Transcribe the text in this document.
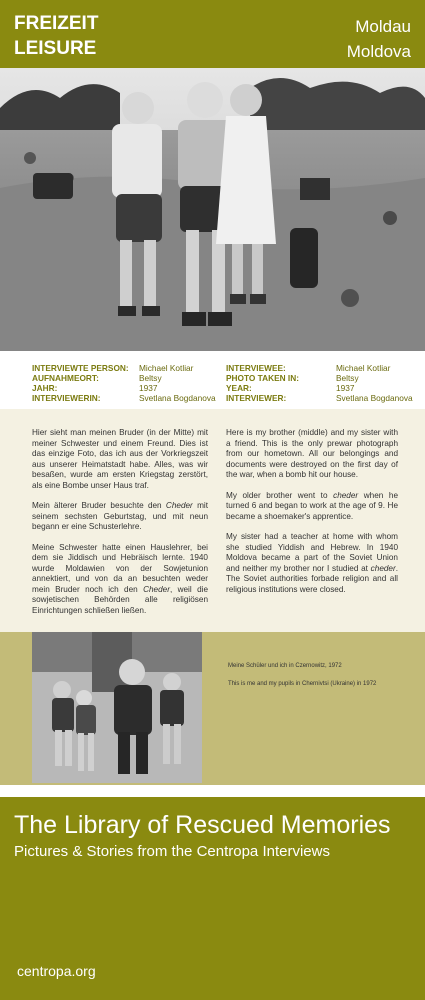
FREIZEIT
LEISURE
Moldau
Moldova
INTERVIEWTE PERSON: Michael Kotliar
AUFNAHMEORT:	Beltsy
JAHR:	1937
INTERVIEWERIN:	Svetlana Bogdanova
INTERVIEWEE:	Michael Kotliar
PHOTO TAKEN IN:	Beltsy
YEAR:	1937
INTERVIEWER:	Svetlana Bogdanova

Hier sieht man meinen Bruder (in der Mitte) mit meiner Schwester und einem Freund. Dies ist das einzige Foto, das ich aus der Vorkriegszeit aus unserer Heimatstadt habe. Alles, was wir besaßen, wurde am ersten Kriegstag zerstört, als eine Bombe unser Haus traf.

Mein älterer Bruder besuchte den Cheder mit seinem sechsten Geburtstag, und mit neun begann er eine Schusterlehre.

Meine Schwester hatte einen Hauslehrer, bei dem sie Jiddisch und Hebräisch lernte. 1940 wurde Moldawien von der Sowjetunion annektiert, und von da an besuchten weder mein Bruder noch ich den Cheder, weil die sowjetischen Behörden alle religiösen Einrichtungen schließen ließen.

Here is my brother (middle) and my sister with a friend. This is the only prewar photograph from our hometown. All our belongings and documents were destroyed on the first day of the war, when a bomb hit our house.

My older brother went to cheder when he turned 6 and began to work at the age of 9. He became a shoemaker's apprentice.

My sister had a teacher at home with whom she studied Yiddish and Hebrew. In 1940 Moldova became a part of the Soviet Union and neither my brother nor I studied at cheder. The Soviet authorities forbade religion and all religious institutions were closed.

Meine Schüler und ich in Czernowitz, 1972
This is me and my pupils in Chernivtsi (Ukraine) in 1972
The Library of Rescued Memories
Pictures & Stories from the Centropa Interviews
centropa.org
